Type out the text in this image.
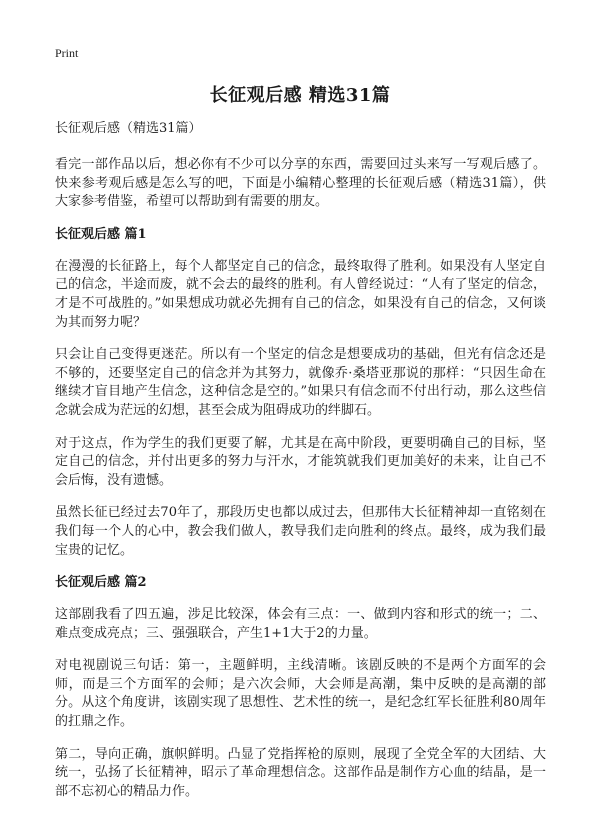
Print
长征观后感 精选31篇
长征观后感（精选31篇）

看完一部作品以后，想必你有不少可以分享的东西，需要回过头来写一写观后感了。快来参考观后感是怎么写的吧，下面是小编精心整理的长征观后感（精选31篇），供大家参考借鉴，希望可以帮助到有需要的朋友。

长征观后感 篇1

在漫漫的长征路上，每个人都坚定自己的信念，最终取得了胜利。如果没有人坚定自己的信念，半途而废，就不会去的最终的胜利。有人曾经说过：“人有了坚定的信念，才是不可战胜的。”如果想成功就必先拥有自己的信念，如果没有自己的信念，又何谈为其而努力呢？

只会让自己变得更迷茫。所以有一个坚定的信念是想要成功的基础，但光有信念还是不够的，还要坚定自己的信念并为其努力，就像乔·桑塔亚那说的那样：“只因生命在继续才盲目地产生信念，这种信念是空的。”如果只有信念而不付出行动，那么这些信念就会成为茫远的幻想，甚至会成为阻碍成功的绊脚石。

对于这点，作为学生的我们更要了解，尤其是在高中阶段，更要明确自己的目标，坚定自己的信念，并付出更多的努力与汗水，才能筑就我们更加美好的未来，让自己不会后悔，没有遗憾。

虽然长征已经过去70年了，那段历史也都以成过去，但那伟大长征精神却一直铭刻在我们每一个人的心中，教会我们做人，教导我们走向胜利的终点。最终，成为我们最宝贵的记忆。

长征观后感 篇2

这部剧我看了四五遍，涉足比较深，体会有三点：一、做到内容和形式的统一；二、难点变成亮点；三、强强联合，产生1+1大于2的力量。

对电视剧说三句话：第一，主题鲜明，主线清晰。该剧反映的不是两个方面军的会师，而是三个方面军的会师；是六次会师，大会师是高潮，集中反映的是高潮的部分。从这个角度讲，该剧实现了思想性、艺术性的统一，是纪念红军长征胜利80周年的扛鼎之作。

第二，导向正确，旗帜鲜明。凸显了党指挥枪的原则，展现了全党全军的大团结、大统一，弘扬了长征精神，昭示了革命理想信念。这部作品是制作方心血的结晶，是一部不忘初心的精品力作。
